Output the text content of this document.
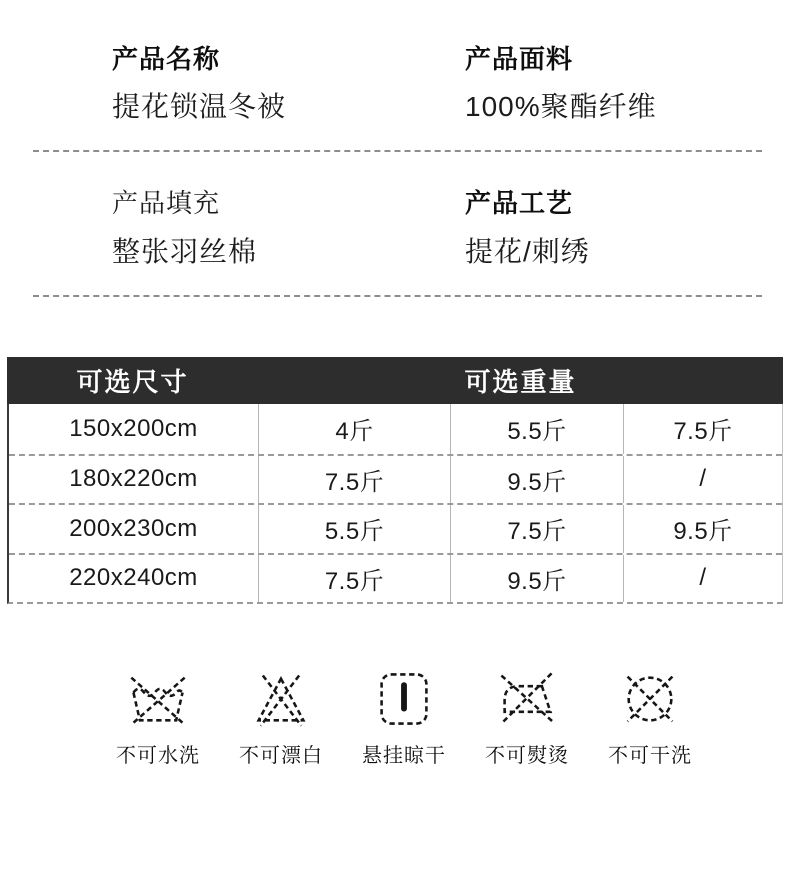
产品名称
提花锁温冬被
产品面料
100%聚酯纤维
产品填充
整张羽丝棉
产品工艺
提花/刺绣
可选尺寸	可选重量
150x200cm	4斤	5.5斤	7.5斤
180x220cm	7.5斤	9.5斤	/
200x230cm	5.5斤	7.5斤	9.5斤
220x240cm	7.5斤	9.5斤	/
不可水洗 不可漂白 悬挂晾干 不可熨烫 不可干洗
